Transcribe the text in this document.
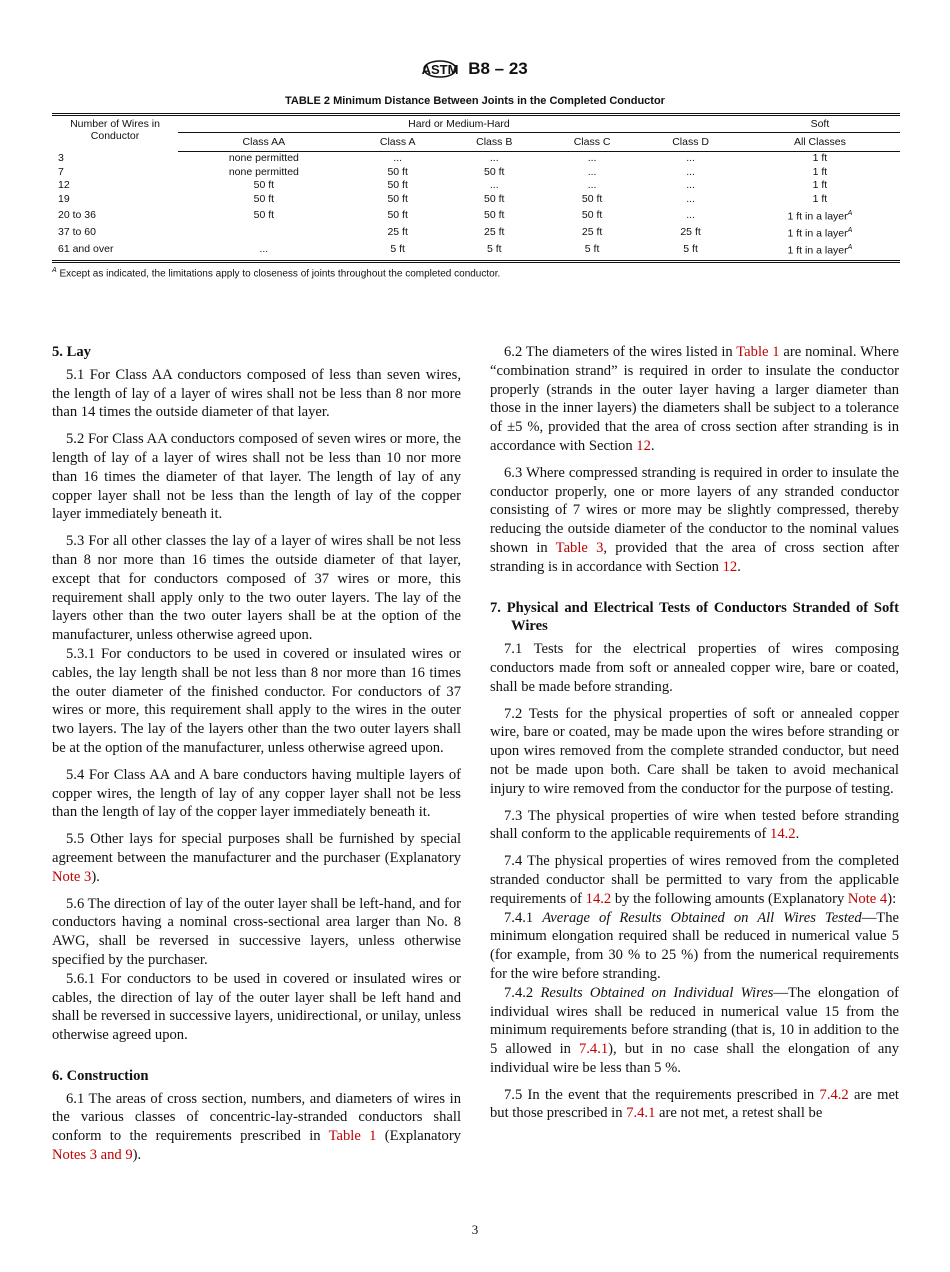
ASTM B8 – 23
TABLE 2 Minimum Distance Between Joints in the Completed Conductor
Number of Wires in Conductor	Hard or Medium-Hard					Soft
	Class AA	Class A	Class B	Class C	Class D	All Classes
3	none permitted	...	...	...	...	1 ft
7	none permitted	50 ft	50 ft	...	...	1 ft
12	50 ft	50 ft	...	...	...	1 ft
19	50 ft	50 ft	50 ft	50 ft	...	1 ft
20 to 36	50 ft	50 ft	50 ft	50 ft	...	1 ft in a layer$^A$
37 to 60		25 ft	25 ft	25 ft	25 ft	1 ft in a layer$^A$
61 and over	...	5 ft	5 ft	5 ft	5 ft	1 ft in a layer$^A$
$^A$ Except as indicated, the limitations apply to closeness of joints throughout the completed conductor.
5. Lay

5.1 For Class AA conductors composed of less than seven wires, the length of lay of a layer of wires shall not be less than 8 nor more than 14 times the outside diameter of that layer.

5.2 For Class AA conductors composed of seven wires or more, the length of lay of a layer of wires shall not be less than 10 nor more than 16 times the diameter of that layer. The length of lay of any copper layer shall not be less than the length of lay of the copper layer immediately beneath it.

5.3 For all other classes the lay of a layer of wires shall be not less than 8 nor more than 16 times the outside diameter of that layer, except that for conductors composed of 37 wires or more, this requirement shall apply only to the two outer layers. The lay of the layers other than the two outer layers shall be at the option of the manufacturer, unless otherwise agreed upon.

5.3.1 For conductors to be used in covered or insulated wires or cables, the lay length shall be not less than 8 nor more than 16 times the outer diameter of the finished conductor. For conductors of 37 wires or more, this requirement shall apply to the wires in the outer two layers. The lay of the layers other than the two outer layers shall be at the option of the manufacturer, unless otherwise agreed upon.

5.4 For Class AA and A bare conductors having multiple layers of copper wires, the length of lay of any copper layer shall not be less than the length of lay of the copper layer immediately beneath it.

5.5 Other lays for special purposes shall be furnished by special agreement between the manufacturer and the purchaser (Explanatory Note 3).

5.6 The direction of lay of the outer layer shall be left-hand, and for conductors having a nominal cross-sectional area larger than No. 8 AWG, shall be reversed in successive layers, unless otherwise specified by the purchaser.

5.6.1 For conductors to be used in covered or insulated wires or cables, the direction of lay of the outer layer shall be left hand and shall be reversed in successive layers, unidirectional, or unilay, unless otherwise agreed upon.

6. Construction

6.1 The areas of cross section, numbers, and diameters of wires in the various classes of concentric-lay-stranded conductors shall conform to the requirements prescribed in Table 1 (Explanatory Notes 3 and 9).

6.2 The diameters of the wires listed in Table 1 are nominal. Where “combination strand” is required in order to insulate the conductor properly (strands in the outer layer having a larger diameter than those in the inner layers) the diameters shall be subject to a tolerance of ±5 %, provided that the area of cross section after stranding is in accordance with Section 12.

6.3 Where compressed stranding is required in order to insulate the conductor properly, one or more layers of any stranded conductor consisting of 7 wires or more may be slightly compressed, thereby reducing the outside diameter of the conductor to the nominal values shown in Table 3, provided that the area of cross section after stranding is in accordance with Section 12.

7. Physical and Electrical Tests of Conductors Stranded of Soft Wires

7.1 Tests for the electrical properties of wires composing conductors made from soft or annealed copper wire, bare or coated, shall be made before stranding.

7.2 Tests for the physical properties of soft or annealed copper wire, bare or coated, may be made upon the wires before stranding or upon wires removed from the complete stranded conductor, but need not be made upon both. Care shall be taken to avoid mechanical injury to wire removed from the conductor for the purpose of testing.

7.3 The physical properties of wire when tested before stranding shall conform to the applicable requirements of 14.2.

7.4 The physical properties of wires removed from the completed stranded conductor shall be permitted to vary from the applicable requirements of 14.2 by the following amounts (Explanatory Note 4):

7.4.1 Average of Results Obtained on All Wires Tested—The minimum elongation required shall be reduced in numerical value 5 (for example, from 30 % to 25 %) from the numerical requirements for the wire before stranding.

7.4.2 Results Obtained on Individual Wires—The elongation of individual wires shall be reduced in numerical value 15 from the minimum requirements before stranding (that is, 10 in addition to the 5 allowed in 7.4.1), but in no case shall the elongation of any individual wire be less than 5 %.

7.5 In the event that the requirements prescribed in 7.4.2 are met but those prescribed in 7.4.1 are not met, a retest shall be

3
